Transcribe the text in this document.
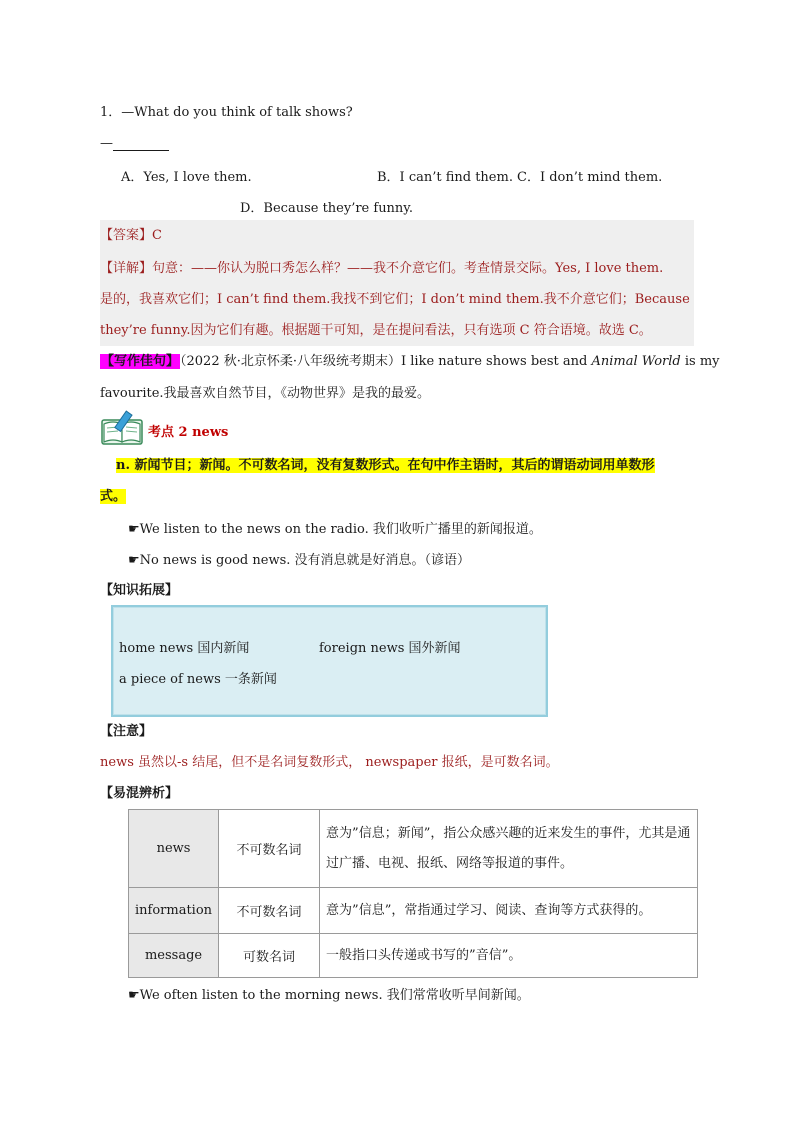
1．—What do you think of talk shows?
—
A．Yes, I love them.	B．I can’t find them. C．I don’t mind them.
D．Because they’re funny.
【答案】C
【详解】句意：——你认为脱口秀怎么样？——我不介意它们。考查情景交际。Yes, I love them.
是的，我喜欢它们；I can’t find them.我找不到它们；I don’t mind them.我不介意它们；Because
they’re funny.因为它们有趣。根据题干可知，是在提问看法，只有选项 C 符合语境。故选 C。
【写作佳句】（2022 秋·北京怀柔·八年级统考期末）I like nature shows best and Animal World is my
favourite.我最喜欢自然节目，《动物世界》是我的最爱。
考点 2 news
n. 新闻节目；新闻。不可数名词，没有复数形式。在句中作主语时，其后的谓语动词用单数形
式。
☛We listen to the news on the radio. 我们收听广播里的新闻报道。
☛No news is good news. 没有消息就是好消息。（谚语）
【知识拓展】
home news 国内新闻	foreign news 国外新闻
a piece of news 一条新闻
【注意】
news 虽然以-s 结尾，但不是名词复数形式， newspaper 报纸，是可数名词。
【易混辨析】
news	不可数名词	意为”信息；新闻”，指公众感兴趣的近来发生的事件，尤其是通过广播、电视、报纸、网络等报道的事件。
information	不可数名词	意为”信息”，常指通过学习、阅读、查询等方式获得的。
message	可数名词	一般指口头传递或书写的”音信”。
☛We often listen to the morning news. 我们常常收听早间新闻。
